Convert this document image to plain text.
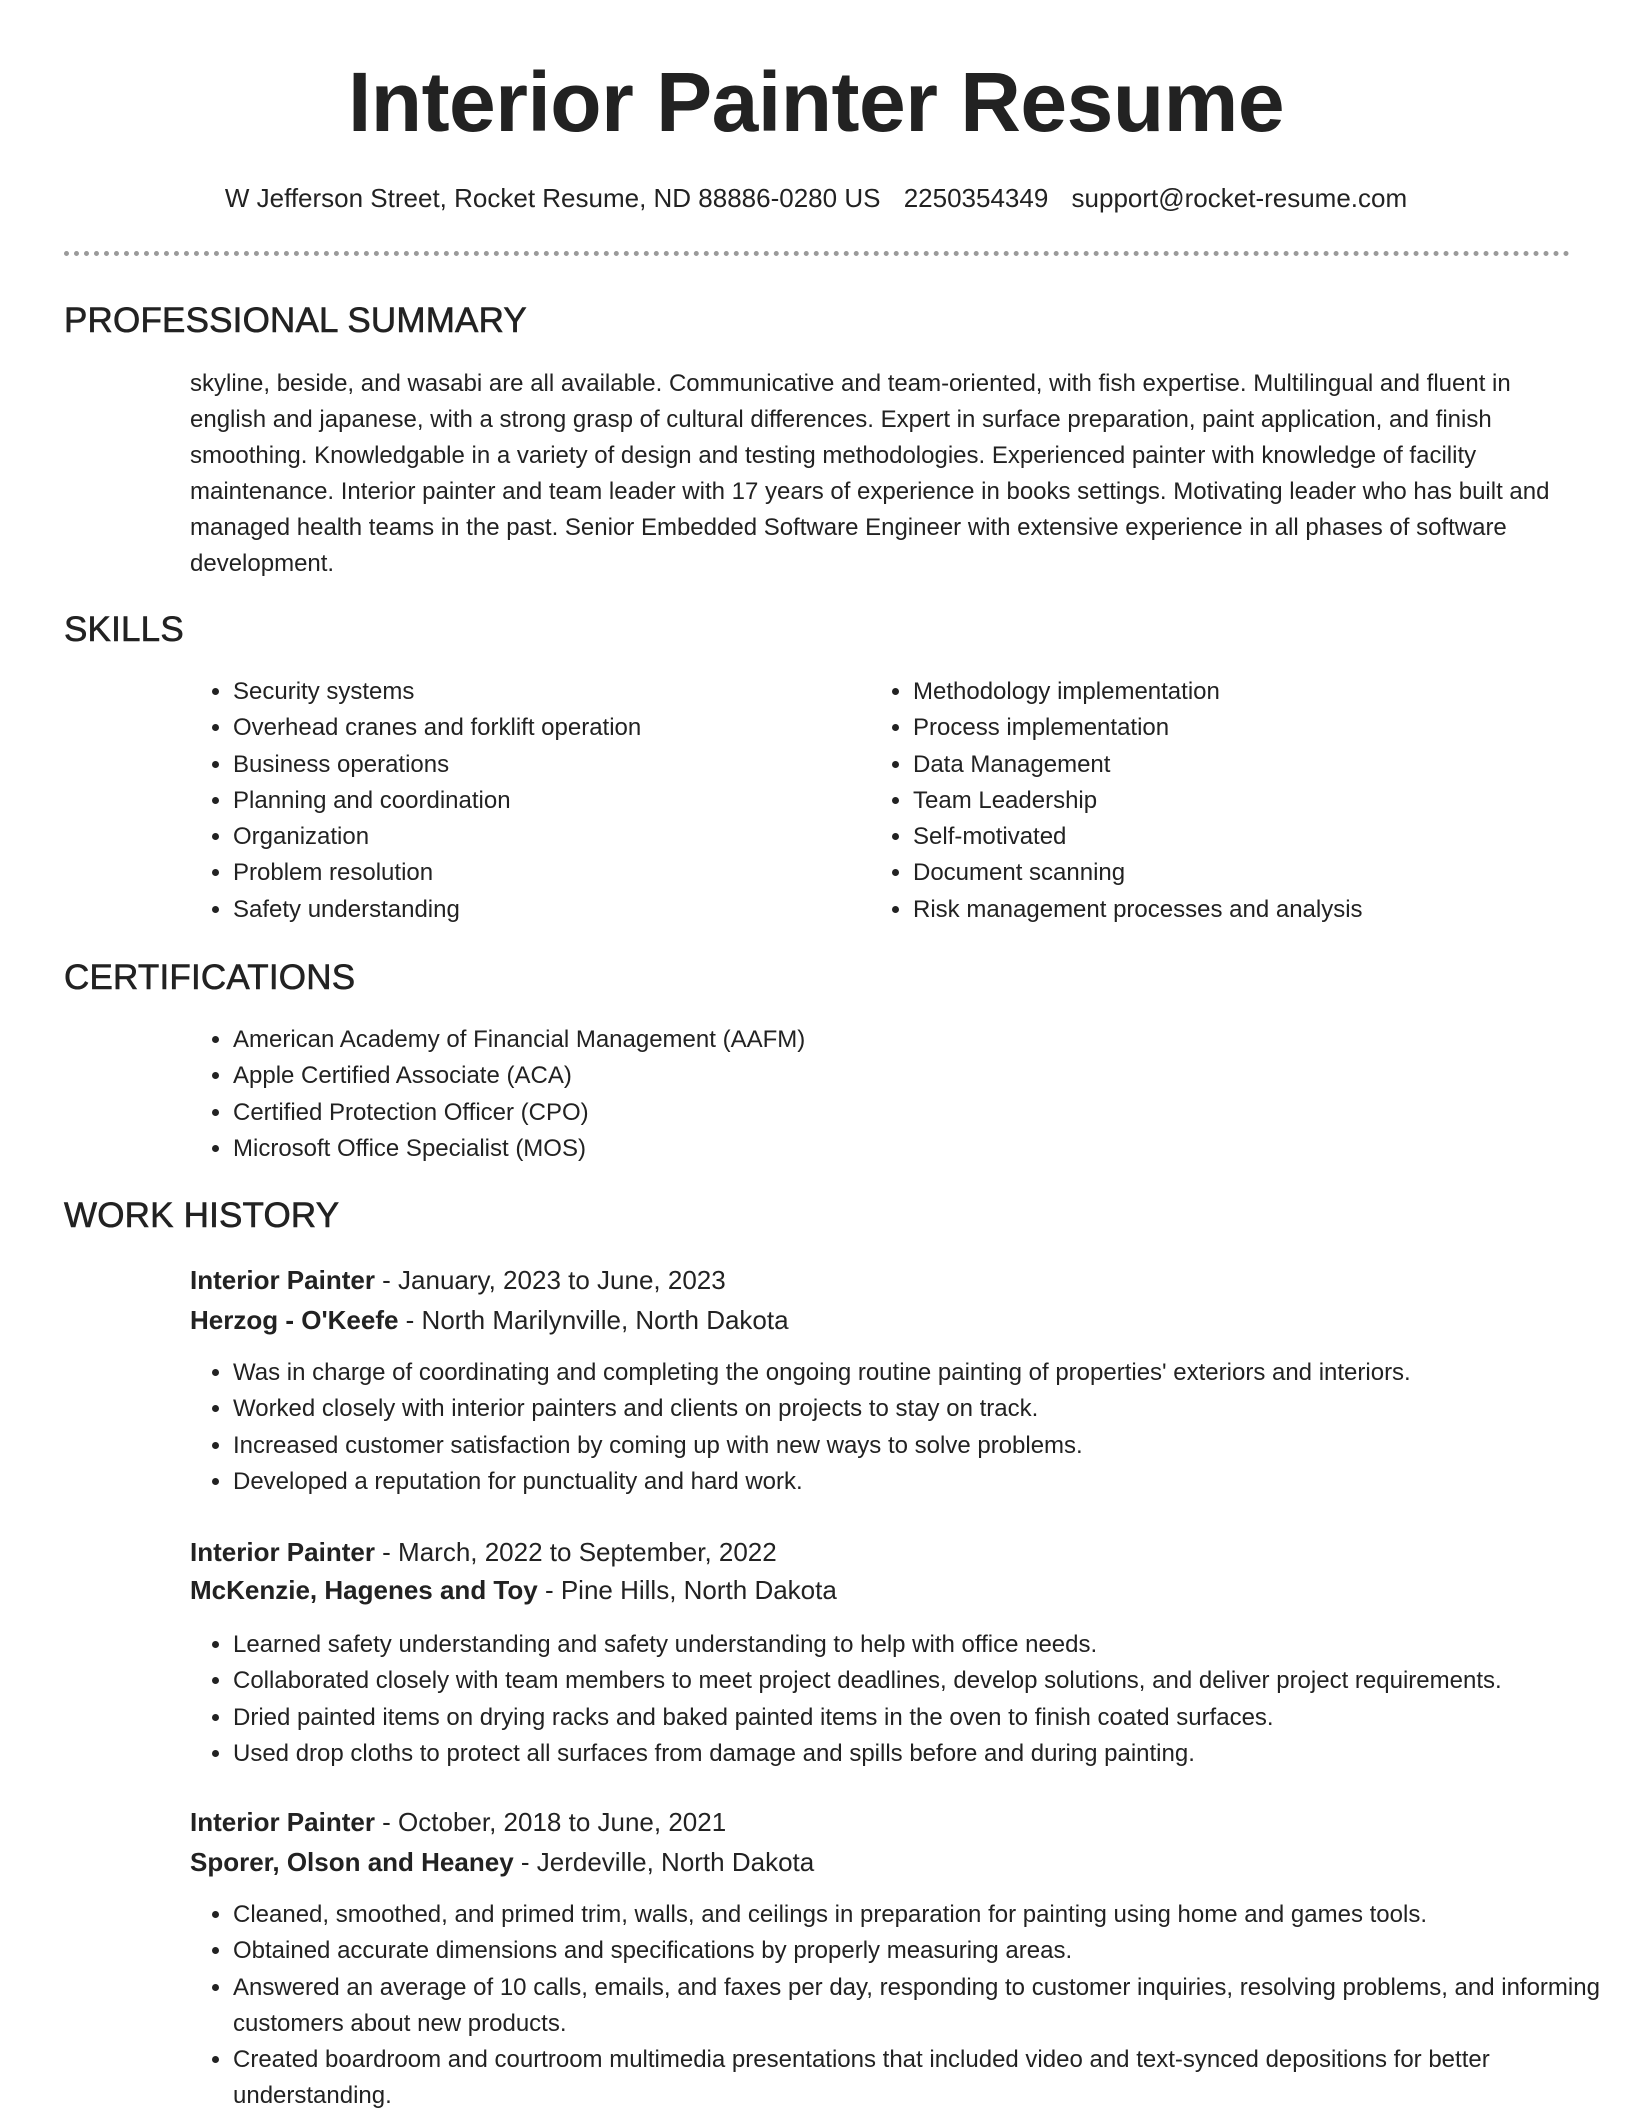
Interior Painter Resume
W Jefferson Street, Rocket Resume, ND 88886-0280 US 2250354349 support@rocket-resume.com
PROFESSIONAL SUMMARY
skyline, beside, and wasabi are all available. Communicative and team-oriented, with fish expertise. Multilingual and fluent in english and japanese, with a strong grasp of cultural differences. Expert in surface preparation, paint application, and finish smoothing. Knowledgable in a variety of design and testing methodologies. Experienced painter with knowledge of facility maintenance. Interior painter and team leader with 17 years of experience in books settings. Motivating leader who has built and managed health teams in the past. Senior Embedded Software Engineer with extensive experience in all phases of software development.
SKILLS
• Security systems
• Overhead cranes and forklift operation
• Business operations
• Planning and coordination
• Organization
• Problem resolution
• Safety understanding
• Methodology implementation
• Process implementation
• Data Management
• Team Leadership
• Self-motivated
• Document scanning
• Risk management processes and analysis
CERTIFICATIONS
• American Academy of Financial Management (AAFM)
• Apple Certified Associate (ACA)
• Certified Protection Officer (CPO)
• Microsoft Office Specialist (MOS)
WORK HISTORY
Interior Painter - January, 2023 to June, 2023
Herzog - O'Keefe - North Marilynville, North Dakota
• Was in charge of coordinating and completing the ongoing routine painting of properties' exteriors and interiors.
• Worked closely with interior painters and clients on projects to stay on track.
• Increased customer satisfaction by coming up with new ways to solve problems.
• Developed a reputation for punctuality and hard work.
Interior Painter - March, 2022 to September, 2022
McKenzie, Hagenes and Toy - Pine Hills, North Dakota
• Learned safety understanding and safety understanding to help with office needs.
• Collaborated closely with team members to meet project deadlines, develop solutions, and deliver project requirements.
• Dried painted items on drying racks and baked painted items in the oven to finish coated surfaces.
• Used drop cloths to protect all surfaces from damage and spills before and during painting.
Interior Painter - October, 2018 to June, 2021
Sporer, Olson and Heaney - Jerdeville, North Dakota
• Cleaned, smoothed, and primed trim, walls, and ceilings in preparation for painting using home and games tools.
• Obtained accurate dimensions and specifications by properly measuring areas.
• Answered an average of 10 calls, emails, and faxes per day, responding to customer inquiries, resolving problems, and informing customers about new products.
• Created boardroom and courtroom multimedia presentations that included video and text-synced depositions for better understanding.
